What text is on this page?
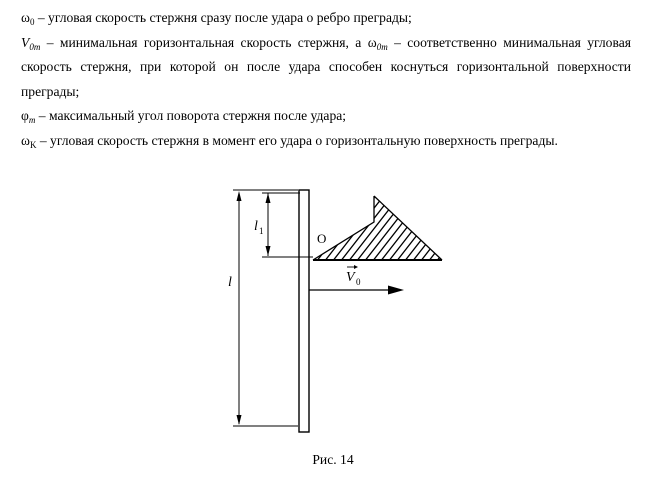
$\omega_0$ – угловая скорость стержня сразу после удара о ребро преграды;

$V_{0m}$ – минимальная горизонтальная скорость стержня, а $\omega_{0m}$ – соответственно минимальная угловая скорость стержня, при которой он после удара способен коснуться горизонтальной поверхности преграды;

$\varphi_m$ – максимальный угол поворота стержня после удара;

$\omega_K$ – угловая скорость стержня в момент его удара о горизонтальную поверхность преграды.

l 1
l
O
V 0
Рис. 14
